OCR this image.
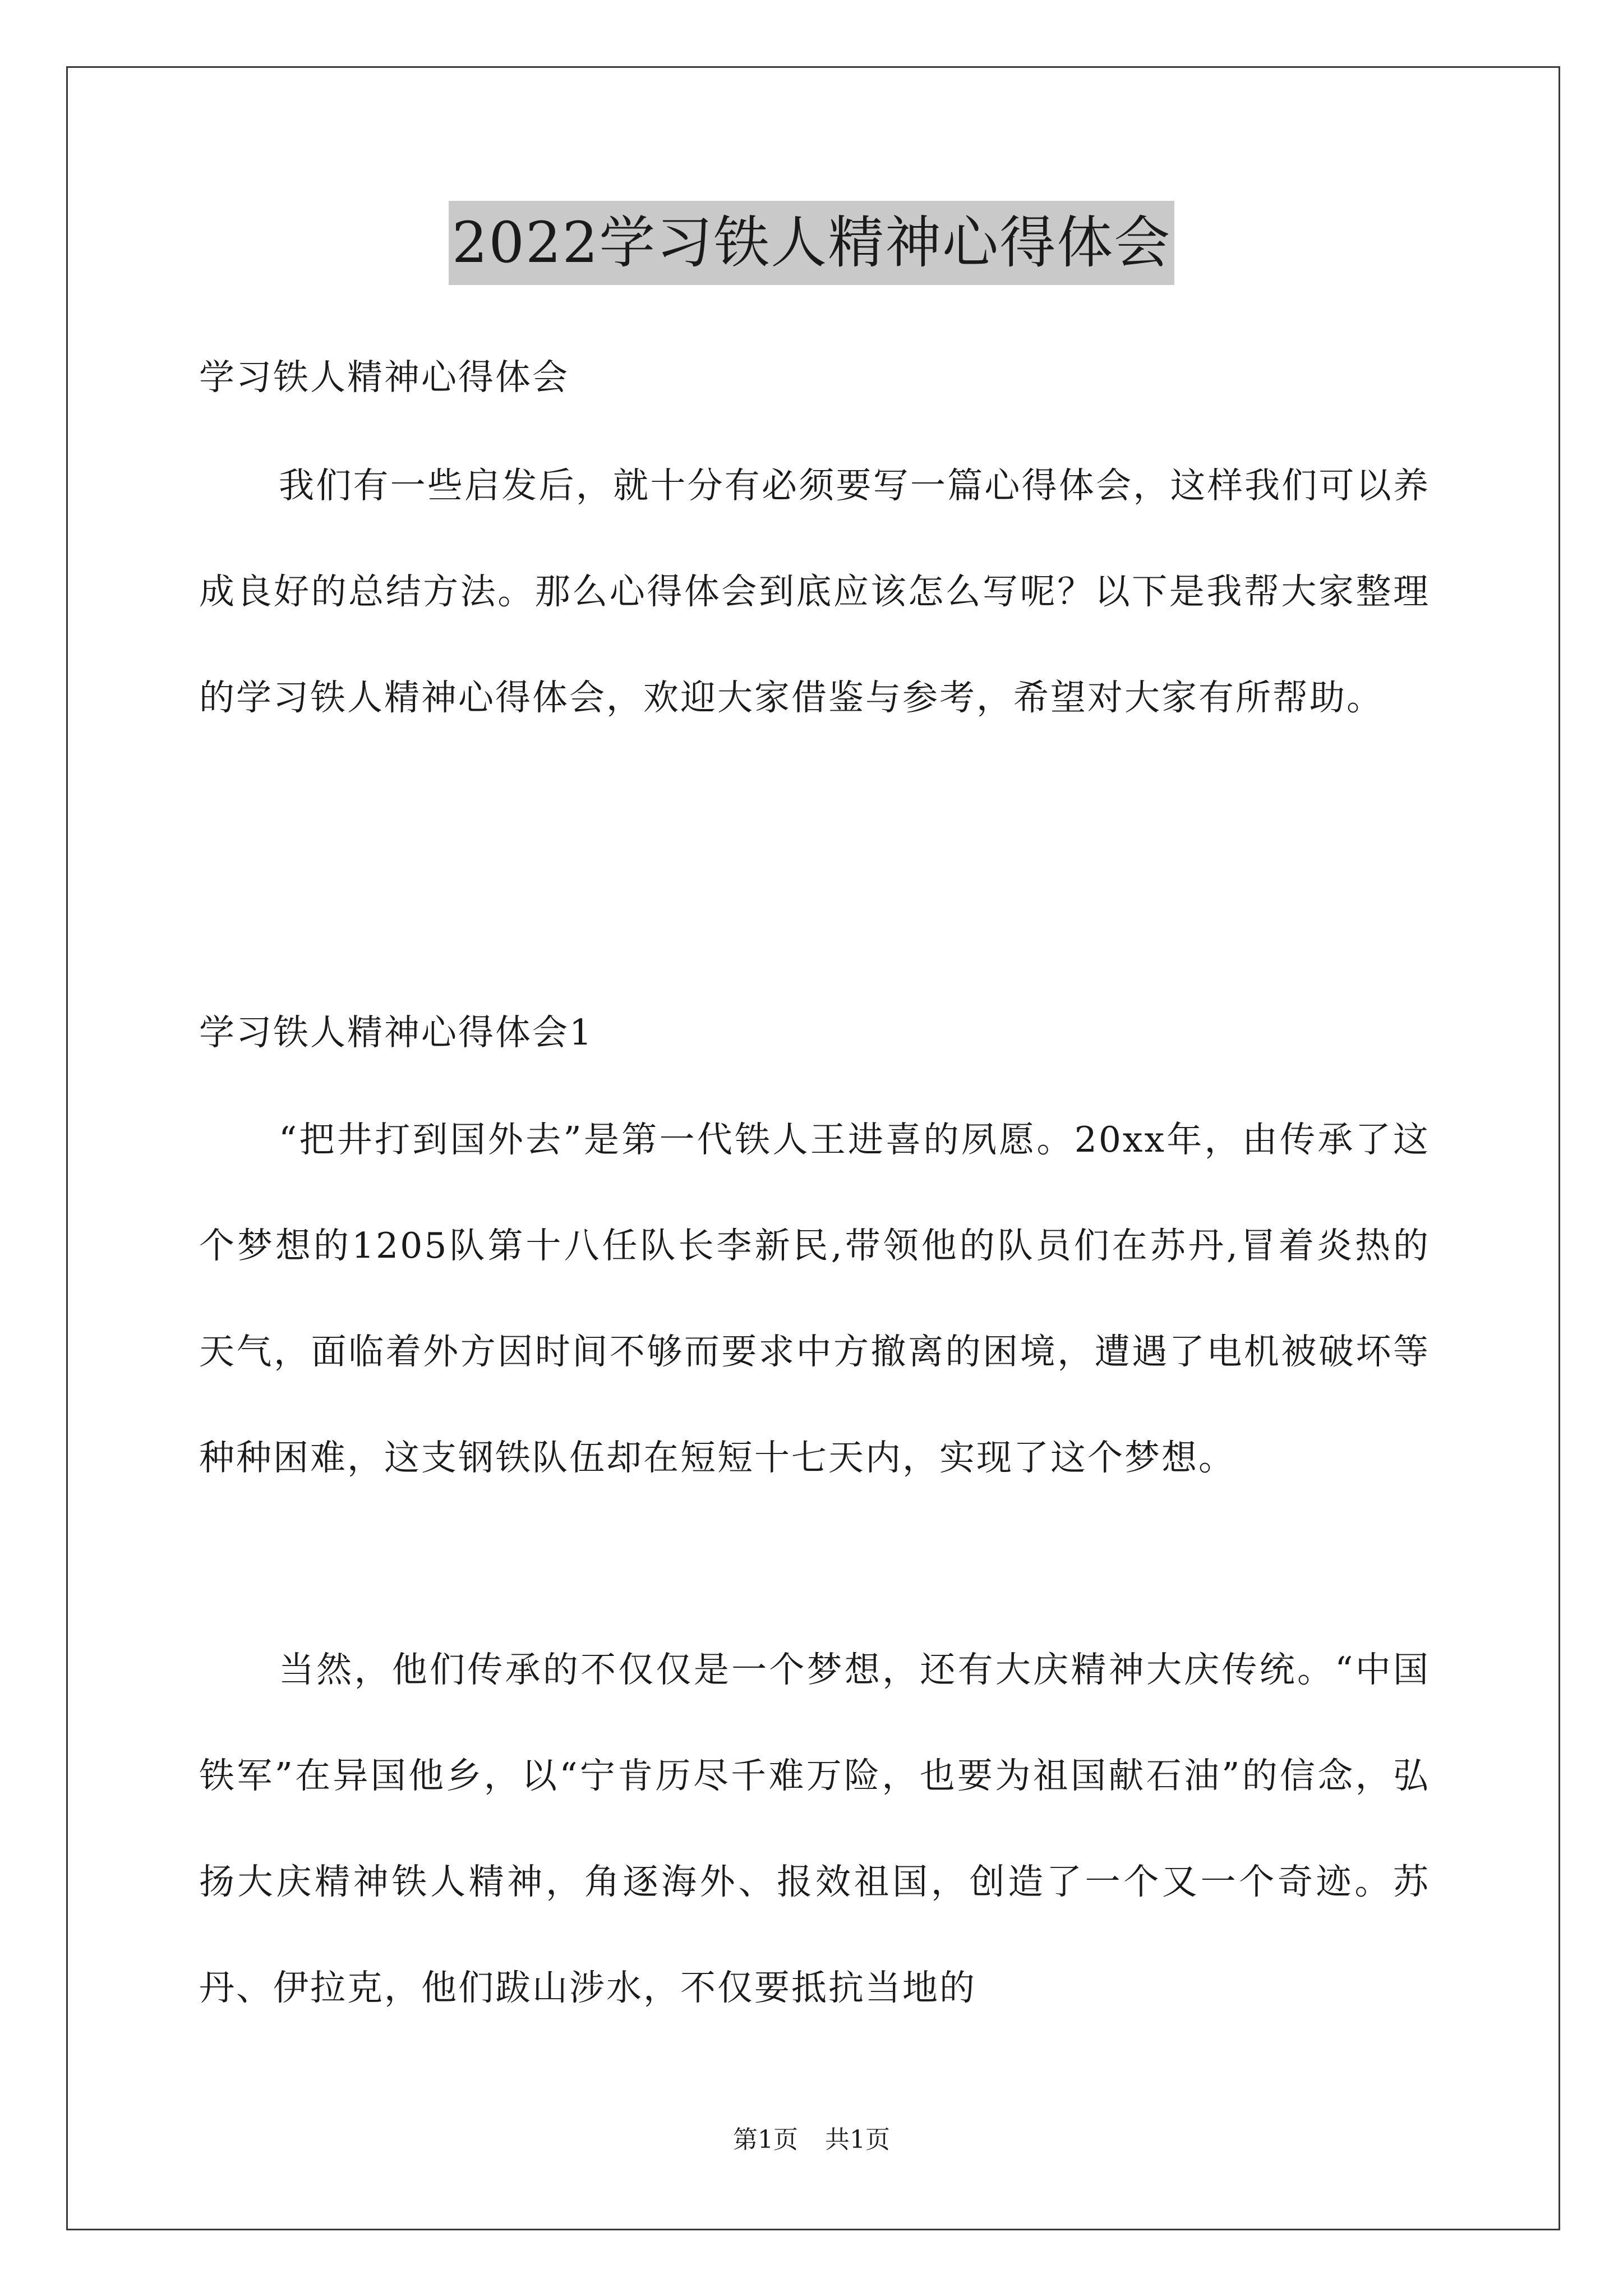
2022学习铁人精神心得体会

学习铁人精神心得体会

我们有一些启发后，就十分有必须要写一篇心得体会，这样我们可以养成良好的总结方法。那么心得体会到底应该怎么写呢？以下是我帮大家整理的学习铁人精神心得体会，欢迎大家借鉴与参考，希望对大家有所帮助。

学习铁人精神心得体会1

“把井打到国外去”是第一代铁人王进喜的夙愿。20xx年，由传承了这个梦想的1205队第十八任队长李新民,带领他的队员们在苏丹,冒着炎热的天气，面临着外方因时间不够而要求中方撤离的困境，遭遇了电机被破坏等种种困难，这支钢铁队伍却在短短十七天内，实现了这个梦想。

当然，他们传承的不仅仅是一个梦想，还有大庆精神大庆传统。“中国铁军”在异国他乡，以“宁肯历尽千难万险，也要为祖国献石油”的信念，弘扬大庆精神铁人精神，角逐海外、报效祖国，创造了一个又一个奇迹。苏丹、伊拉克，他们跋山涉水，不仅要抵抗当地的

第1页 共1页
